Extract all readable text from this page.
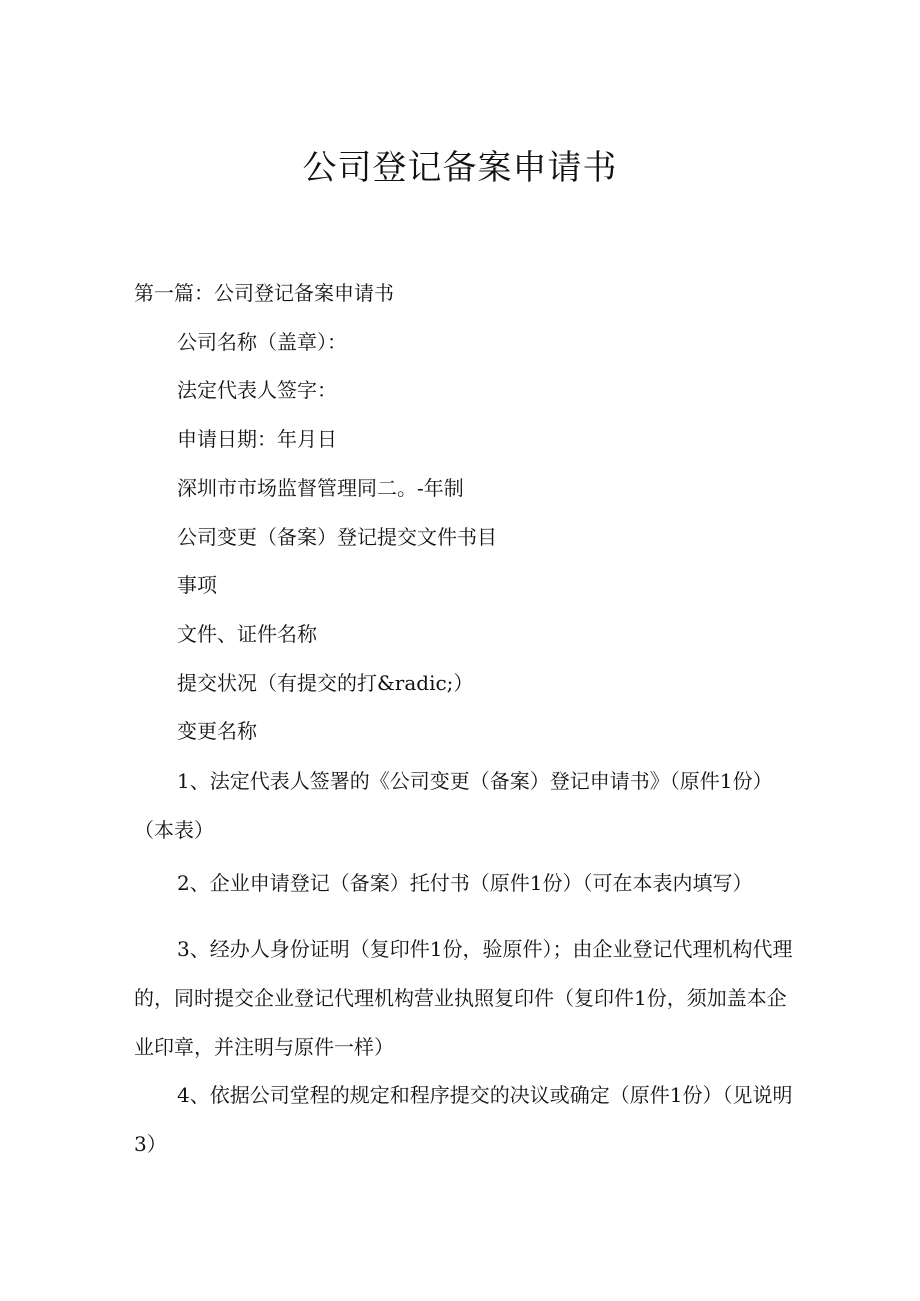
公司登记备案申请书
第一篇：公司登记备案申请书
公司名称（盖章）：
法定代表人签字：
申请日期：年月日
深圳市市场监督管理同二。-年制
公司变更（备案）登记提交文件书目
事项
文件、证件名称
提交状况（有提交的打&radic;）
变更名称
1、法定代表人签署的《公司变更（备案）登记申请书》（原件1份）（本表）
2、企业申请登记（备案）托付书（原件1份）（可在本表内填写）
3、经办人身份证明（复印件1份，验原件）；由企业登记代理机构代理的，同时提交企业登记代理机构营业执照复印件（复印件1份，须加盖本企业印章，并注明与原件一样）
4、依据公司堂程的规定和程序提交的决议或确定（原件1份）（见说明3）
